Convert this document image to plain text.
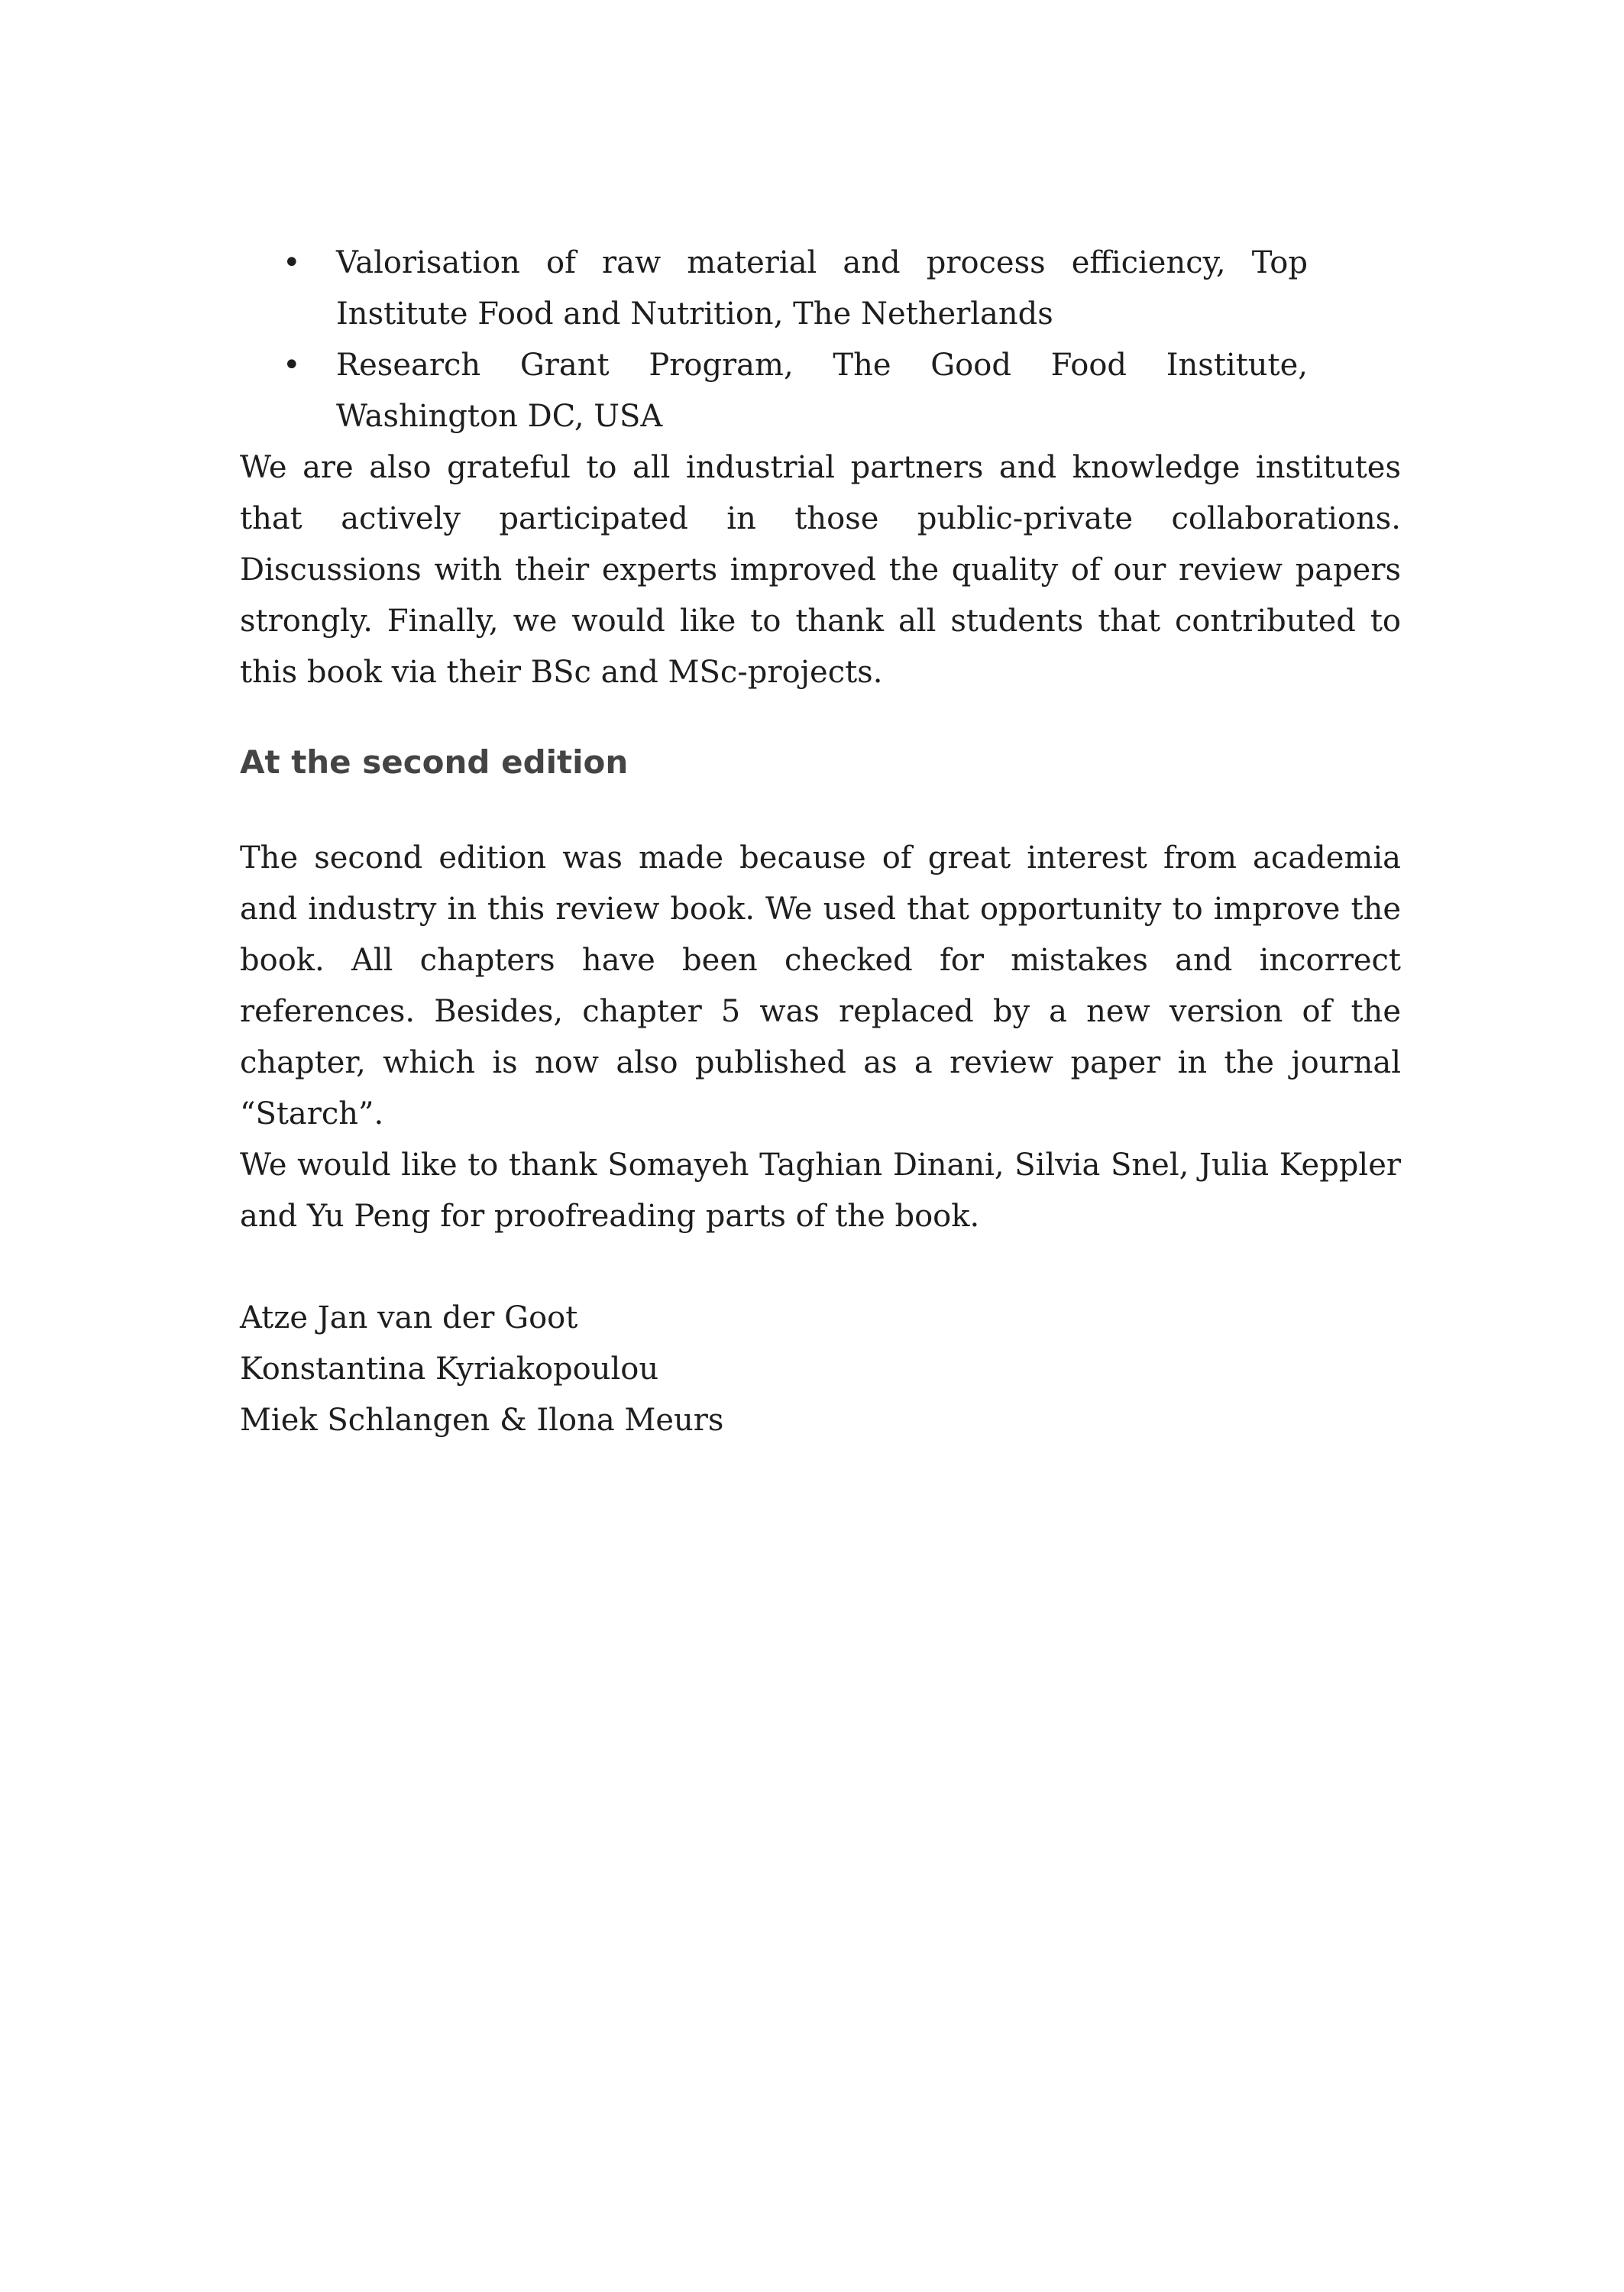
• Valorisation of raw material and process efficiency, Top Institute Food and Nutrition, The Netherlands
• Research Grant Program, The Good Food Institute, Washington DC, USA

We are also grateful to all industrial partners and knowledge institutes that actively participated in those public-private collaborations. Discussions with their experts improved the quality of our review papers strongly. Finally, we would like to thank all students that contributed to this book via their BSc and MSc-projects.

At the second edition

The second edition was made because of great interest from academia and industry in this review book. We used that opportunity to improve the book. All chapters have been checked for mistakes and incorrect references. Besides, chapter 5 was replaced by a new version of the chapter, which is now also published as a review paper in the journal “Starch”.

We would like to thank Somayeh Taghian Dinani, Silvia Snel, Julia Keppler and Yu Peng for proofreading parts of the book.

Atze Jan van der Goot
Konstantina Kyriakopoulou
Miek Schlangen & Ilona Meurs
